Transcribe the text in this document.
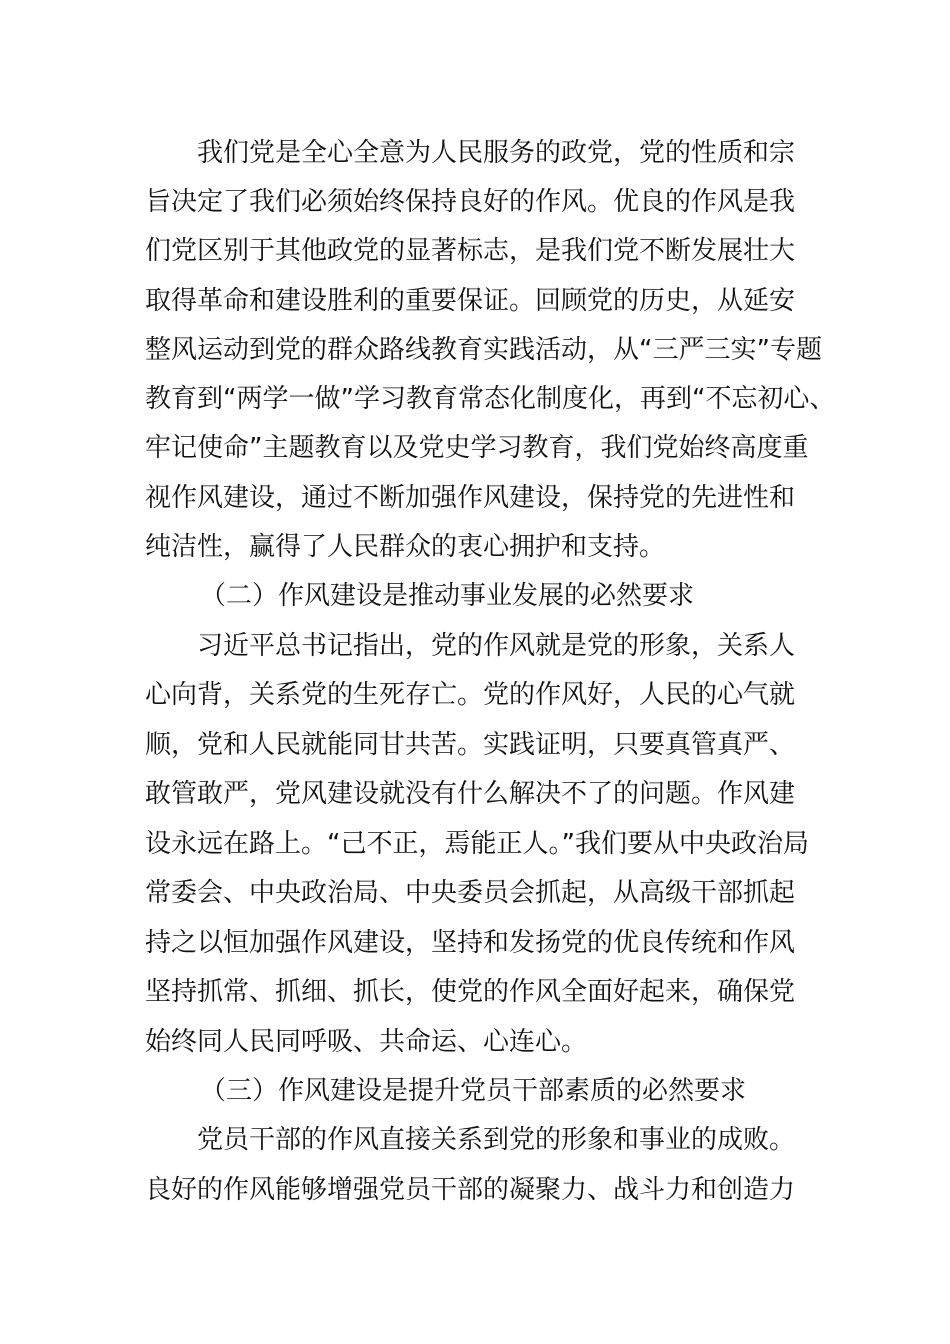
我们党是全心全意为人民服务的政党，党的性质和宗
旨决定了我们必须始终保持良好的作风。优良的作风是我
们党区别于其他政党的显著标志，是我们党不断发展壮大
取得革命和建设胜利的重要保证。回顾党的历史，从延安
整风运动到党的群众路线教育实践活动，从“三严三实”专题
教育到“两学一做”学习教育常态化制度化，再到“不忘初心、
牢记使命”主题教育以及党史学习教育，我们党始终高度重
视作风建设，通过不断加强作风建设，保持党的先进性和
纯洁性，赢得了人民群众的衷心拥护和支持。
（二）作风建设是推动事业发展的必然要求
习近平总书记指出，党的作风就是党的形象，关系人
心向背，关系党的生死存亡。党的作风好，人民的心气就
顺，党和人民就能同甘共苦。实践证明，只要真管真严、
敢管敢严，党风建设就没有什么解决不了的问题。作风建
设永远在路上。“己不正，焉能正人。”我们要从中央政治局
常委会、中央政治局、中央委员会抓起，从高级干部抓起
持之以恒加强作风建设，坚持和发扬党的优良传统和作风
坚持抓常、抓细、抓长，使党的作风全面好起来，确保党
始终同人民同呼吸、共命运、心连心。
（三）作风建设是提升党员干部素质的必然要求
党员干部的作风直接关系到党的形象和事业的成败。
良好的作风能够增强党员干部的凝聚力、战斗力和创造力
